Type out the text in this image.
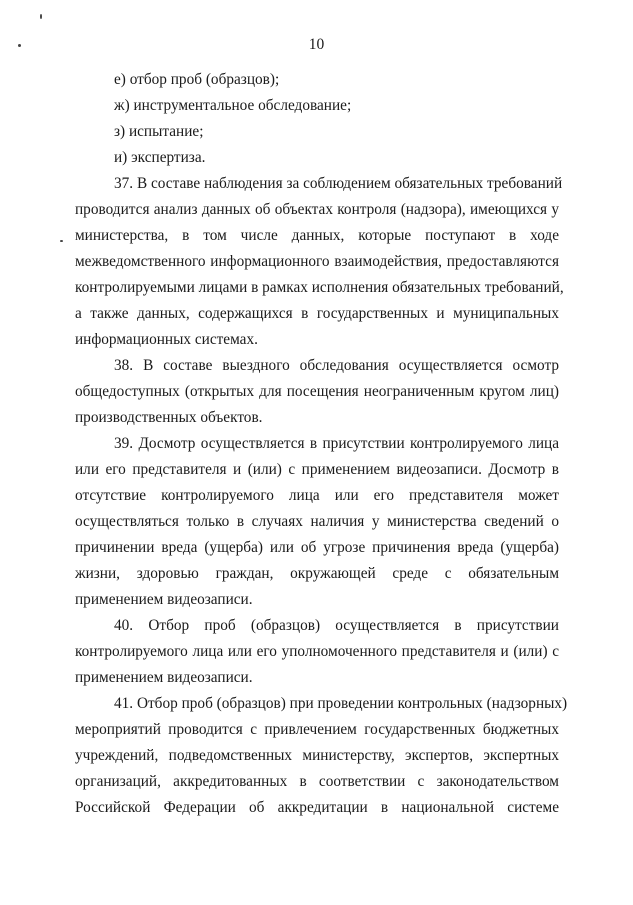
10
е) отбор проб (образцов);
ж) инструментальное обследование;
з) испытание;
и) экспертиза.
37. В составе наблюдения за соблюдением обязательных требований
проводится анализ данных об объектах контроля (надзора), имеющихся у
министерства, в том числе данных, которые поступают в ходе
межведомственного информационного взаимодействия, предоставляются
контролируемыми лицами в рамках исполнения обязательных требований,
а также данных, содержащихся в государственных и муниципальных
информационных системах.
38. В составе выездного обследования осуществляется осмотр
общедоступных (открытых для посещения неограниченным кругом лиц)
производственных объектов.
39. Досмотр осуществляется в присутствии контролируемого лица
или его представителя и (или) с применением видеозаписи. Досмотр в
отсутствие контролируемого лица или его представителя может
осуществляться только в случаях наличия у министерства сведений о
причинении вреда (ущерба) или об угрозе причинения вреда (ущерба)
жизни, здоровью граждан, окружающей среде с обязательным
применением видеозаписи.
40. Отбор проб (образцов) осуществляется в присутствии
контролируемого лица или его уполномоченного представителя и (или) с
применением видеозаписи.
41. Отбор проб (образцов) при проведении контрольных (надзорных)
мероприятий проводится с привлечением государственных бюджетных
учреждений, подведомственных министерству, экспертов, экспертных
организаций, аккредитованных в соответствии с законодательством
Российской Федерации об аккредитации в национальной системе
